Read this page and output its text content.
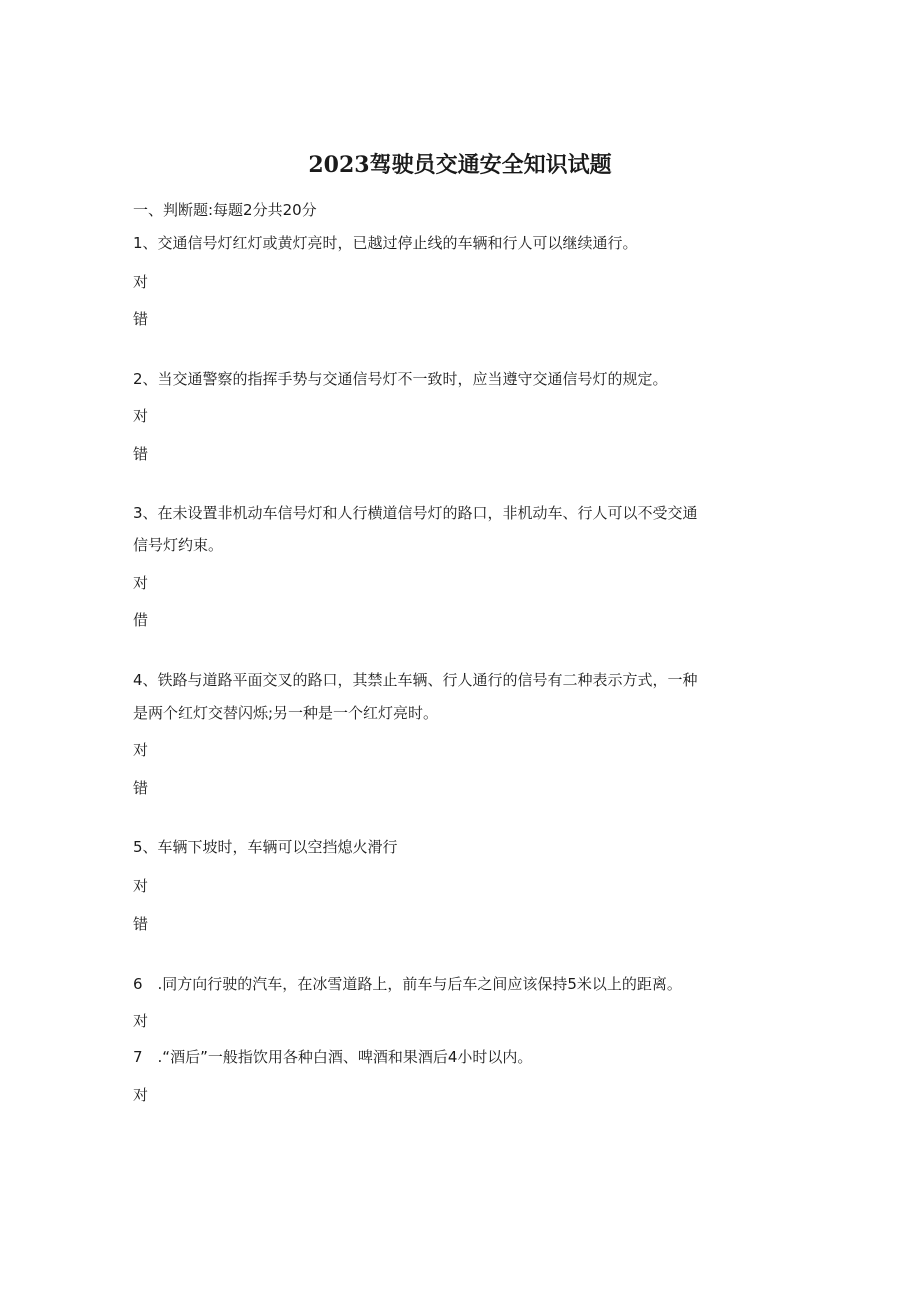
2023驾驶员交通安全知识试题
一、判断题:每题2分共20分
1、交通信号灯红灯或黄灯亮时，已越过停止线的车辆和行人可以继续通行。
对
错
2、当交通警察的指挥手势与交通信号灯不一致时，应当遵守交通信号灯的规定。
对
错
3、在未设置非机动车信号灯和人行横道信号灯的路口，非机动车、行人可以不受交通
信号灯约束。
对
借
4、铁路与道路平面交叉的路口，其禁止车辆、行人通行的信号有二种表示方式，一种
是两个红灯交替闪烁;另一种是一个红灯亮时。
对
错
5、车辆下坡时，车辆可以空挡熄火滑行
对
错
6　.同方向行驶的汽车，在冰雪道路上，前车与后车之间应该保持5米以上的距离。
对
7　.“酒后”一般指饮用各种白酒、啤酒和果酒后4小时以内。
对
